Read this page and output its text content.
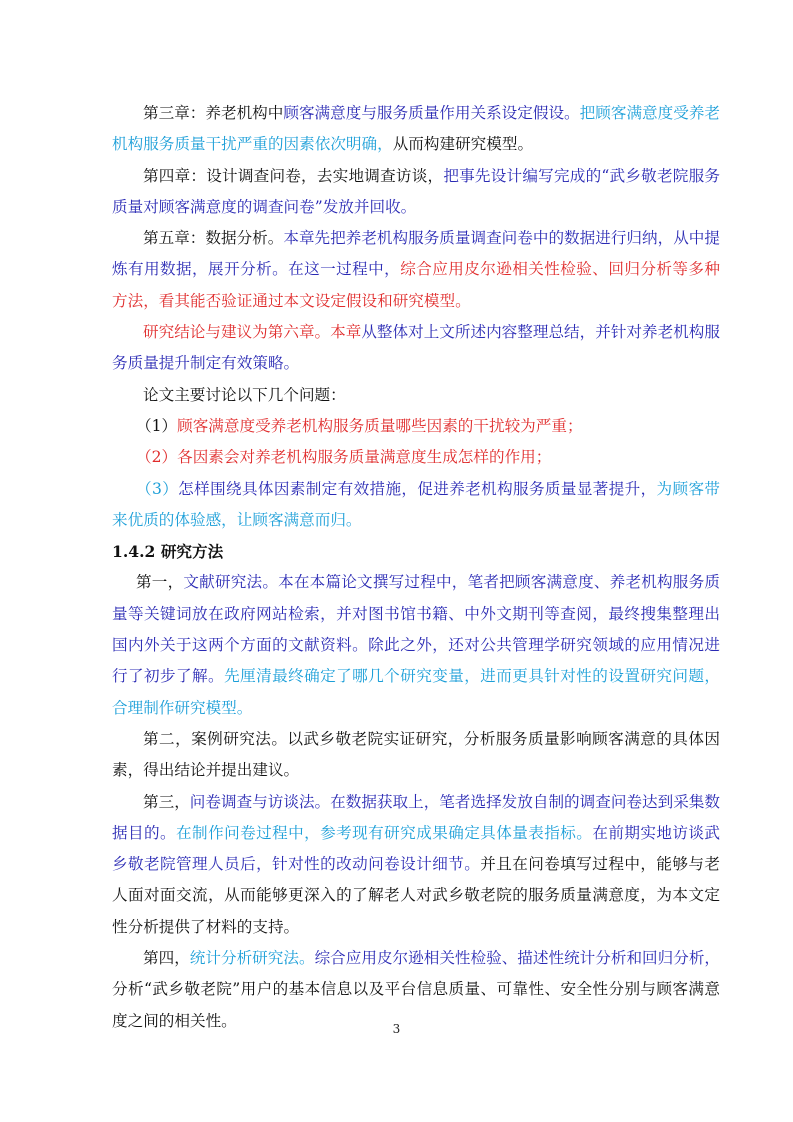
第三章：养老机构中顾客满意度与服务质量作用关系设定假设。把顾客满意度受养老机构服务质量干扰严重的因素依次明确，从而构建研究模型。

第四章：设计调查问卷，去实地调查访谈，把事先设计编写完成的“武乡敬老院服务质量对顾客满意度的调查问卷”发放并回收。

第五章：数据分析。本章先把养老机构服务质量调查问卷中的数据进行归纳，从中提炼有用数据，展开分析。在这一过程中，综合应用皮尔逊相关性检验、回归分析等多种方法，看其能否验证通过本文设定假设和研究模型。

研究结论与建议为第六章。本章从整体对上文所述内容整理总结，并针对养老机构服务质量提升制定有效策略。

论文主要讨论以下几个问题：

（1）顾客满意度受养老机构服务质量哪些因素的干扰较为严重；

（2）各因素会对养老机构服务质量满意度生成怎样的作用；

（3）怎样围绕具体因素制定有效措施，促进养老机构服务质量显著提升，为顾客带来优质的体验感，让顾客满意而归。

1.4.2 研究方法

第一，文献研究法。本在本篇论文撰写过程中，笔者把顾客满意度、养老机构服务质量等关键词放在政府网站检索，并对图书馆书籍、中外文期刊等查阅，最终搜集整理出国内外关于这两个方面的文献资料。除此之外，还对公共管理学研究领域的应用情况进行了初步了解。先厘清最终确定了哪几个研究变量，进而更具针对性的设置研究问题，合理制作研究模型。

第二，案例研究法。以武乡敬老院实证研究，分析服务质量影响顾客满意的具体因素，得出结论并提出建议。

第三，问卷调查与访谈法。在数据获取上，笔者选择发放自制的调查问卷达到采集数据目的。在制作问卷过程中，参考现有研究成果确定具体量表指标。在前期实地访谈武乡敬老院管理人员后，针对性的改动问卷设计细节。并且在问卷填写过程中，能够与老人面对面交流，从而能够更深入的了解老人对武乡敬老院的服务质量满意度，为本文定性分析提供了材料的支持。

第四，统计分析研究法。综合应用皮尔逊相关性检验、描述性统计分析和回归分析，分析“武乡敬老院”用户的基本信息以及平台信息质量、可靠性、安全性分别与顾客满意度之间的相关性。	3
